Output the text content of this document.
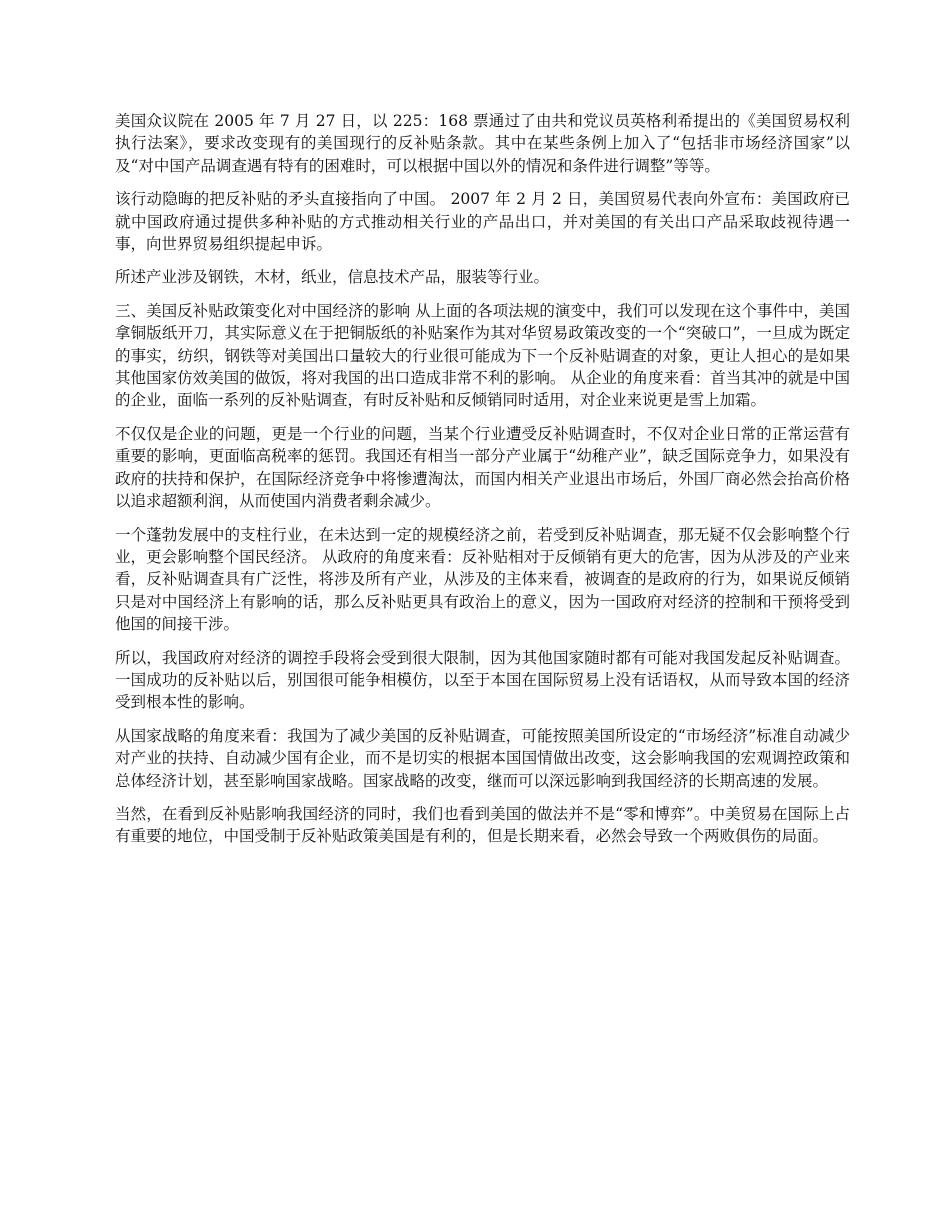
美国众议院在 2005 年 7 月 27 日，以 225：168 票通过了由共和党议员英格利希提出的《美国贸易权利执行法案》，要求改变现有的美国现行的反补贴条款。其中在某些条例上加入了“包括非市场经济国家”以及“对中国产品调查遇有特有的困难时，可以根据中国以外的情况和条件进行调整”等等。

该行动隐晦的把反补贴的矛头直接指向了中国。 2007 年 2 月 2 日，美国贸易代表向外宣布：美国政府已就中国政府通过提供多种补贴的方式推动相关行业的产品出口，并对美国的有关出口产品采取歧视待遇一事，向世界贸易组织提起申诉。

所述产业涉及钢铁，木材，纸业，信息技术产品，服装等行业。

三、美国反补贴政策变化对中国经济的影响 从上面的各项法规的演变中，我们可以发现在这个事件中，美国拿铜版纸开刀，其实际意义在于把铜版纸的补贴案作为其对华贸易政策改变的一个“突破口”，一旦成为既定的事实，纺织，钢铁等对美国出口量较大的行业很可能成为下一个反补贴调查的对象，更让人担心的是如果其他国家仿效美国的做饭，将对我国的出口造成非常不利的影响。 从企业的角度来看：首当其冲的就是中国的企业，面临一系列的反补贴调查，有时反补贴和反倾销同时适用，对企业来说更是雪上加霜。

不仅仅是企业的问题，更是一个行业的问题，当某个行业遭受反补贴调查时，不仅对企业日常的正常运营有重要的影响，更面临高税率的惩罚。我国还有相当一部分产业属于“幼稚产业”，缺乏国际竞争力，如果没有政府的扶持和保护，在国际经济竞争中将惨遭淘汰，而国内相关产业退出市场后，外国厂商必然会抬高价格以追求超额利润，从而使国内消费者剩余减少。

一个蓬勃发展中的支柱行业，在未达到一定的规模经济之前，若受到反补贴调查，那无疑不仅会影响整个行业，更会影响整个国民经济。 从政府的角度来看：反补贴相对于反倾销有更大的危害，因为从涉及的产业来看，反补贴调查具有广泛性，将涉及所有产业，从涉及的主体来看，被调查的是政府的行为，如果说反倾销只是对中国经济上有影响的话，那么反补贴更具有政治上的意义，因为一国政府对经济的控制和干预将受到他国的间接干涉。

所以，我国政府对经济的调控手段将会受到很大限制，因为其他国家随时都有可能对我国发起反补贴调查。一国成功的反补贴以后，别国很可能争相模仿，以至于本国在国际贸易上没有话语权，从而导致本国的经济受到根本性的影响。

从国家战略的角度来看：我国为了减少美国的反补贴调查，可能按照美国所设定的“市场经济”标准自动减少对产业的扶持、自动减少国有企业，而不是切实的根据本国国情做出改变，这会影响我国的宏观调控政策和总体经济计划，甚至影响国家战略。国家战略的改变，继而可以深远影响到我国经济的长期高速的发展。

当然，在看到反补贴影响我国经济的同时，我们也看到美国的做法并不是“零和博弈”。中美贸易在国际上占有重要的地位，中国受制于反补贴政策美国是有利的，但是长期来看，必然会导致一个两败俱伤的局面。
